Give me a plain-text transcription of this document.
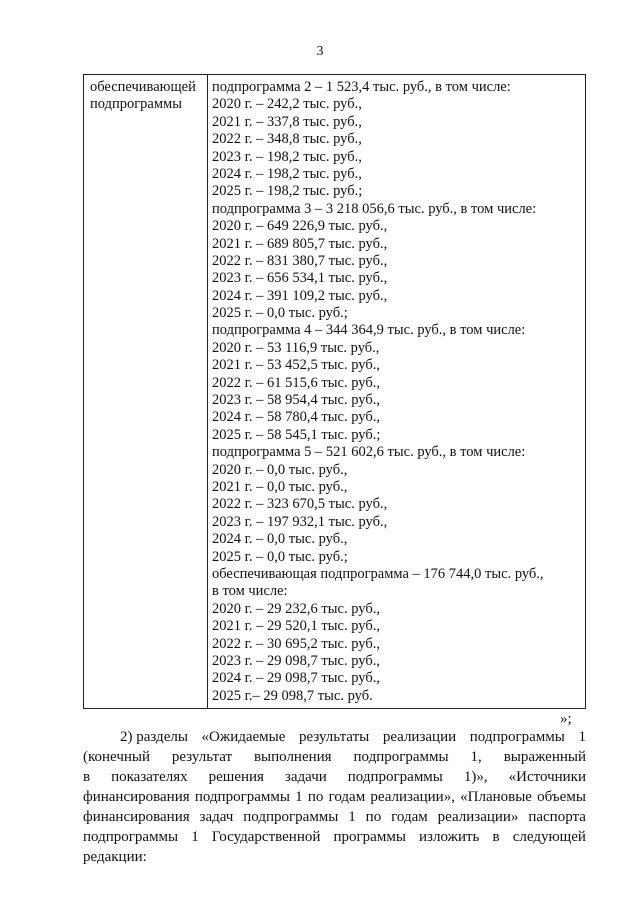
3
обеспечивающей
подпрограммы
подпрограмма 2 – 1 523,4 тыс. руб., в том числе:
2020 г. – 242,2 тыс. руб.,
2021 г. – 337,8 тыс. руб.,
2022 г. – 348,8 тыс. руб.,
2023 г. – 198,2 тыс. руб.,
2024 г. – 198,2 тыс. руб.,
2025 г. – 198,2 тыс. руб.;
подпрограмма 3 – 3 218 056,6 тыс. руб., в том числе:
2020 г. – 649 226,9 тыс. руб.,
2021 г. – 689 805,7 тыс. руб.,
2022 г. – 831 380,7 тыс. руб.,
2023 г. – 656 534,1 тыс. руб.,
2024 г. – 391 109,2 тыс. руб.,
2025 г. – 0,0 тыс. руб.;
подпрограмма 4 – 344 364,9 тыс. руб., в том числе:
2020 г. – 53 116,9 тыс. руб.,
2021 г. – 53 452,5 тыс. руб.,
2022 г. – 61 515,6 тыс. руб.,
2023 г. – 58 954,4 тыс. руб.,
2024 г. – 58 780,4 тыс. руб.,
2025 г. – 58 545,1 тыс. руб.;
подпрограмма 5 – 521 602,6 тыс. руб., в том числе:
2020 г. – 0,0 тыс. руб.,
2021 г. – 0,0 тыс. руб.,
2022 г. – 323 670,5 тыс. руб.,
2023 г. – 197 932,1 тыс. руб.,
2024 г. – 0,0 тыс. руб.,
2025 г. – 0,0 тыс. руб.;
обеспечивающая подпрограмма – 176 744,0 тыс. руб.,
в том числе:
2020 г. – 29 232,6 тыс. руб.,
2021 г. – 29 520,1 тыс. руб.,
2022 г. – 30 695,2 тыс. руб.,
2023 г. – 29 098,7 тыс. руб.,
2024 г. – 29 098,7 тыс. руб.,
2025 г.– 29 098,7 тыс. руб.
»;
2) разделы «Ожидаемые результаты реализации подпрограммы 1
(конечный результат выполнения подпрограммы 1, выраженный
в показателях решения задачи подпрограммы 1)», «Источники
финансирования подпрограммы 1 по годам реализации», «Плановые объемы
финансирования задач подпрограммы 1 по годам реализации» паспорта
подпрограммы 1 Государственной программы изложить в следующей
редакции:
